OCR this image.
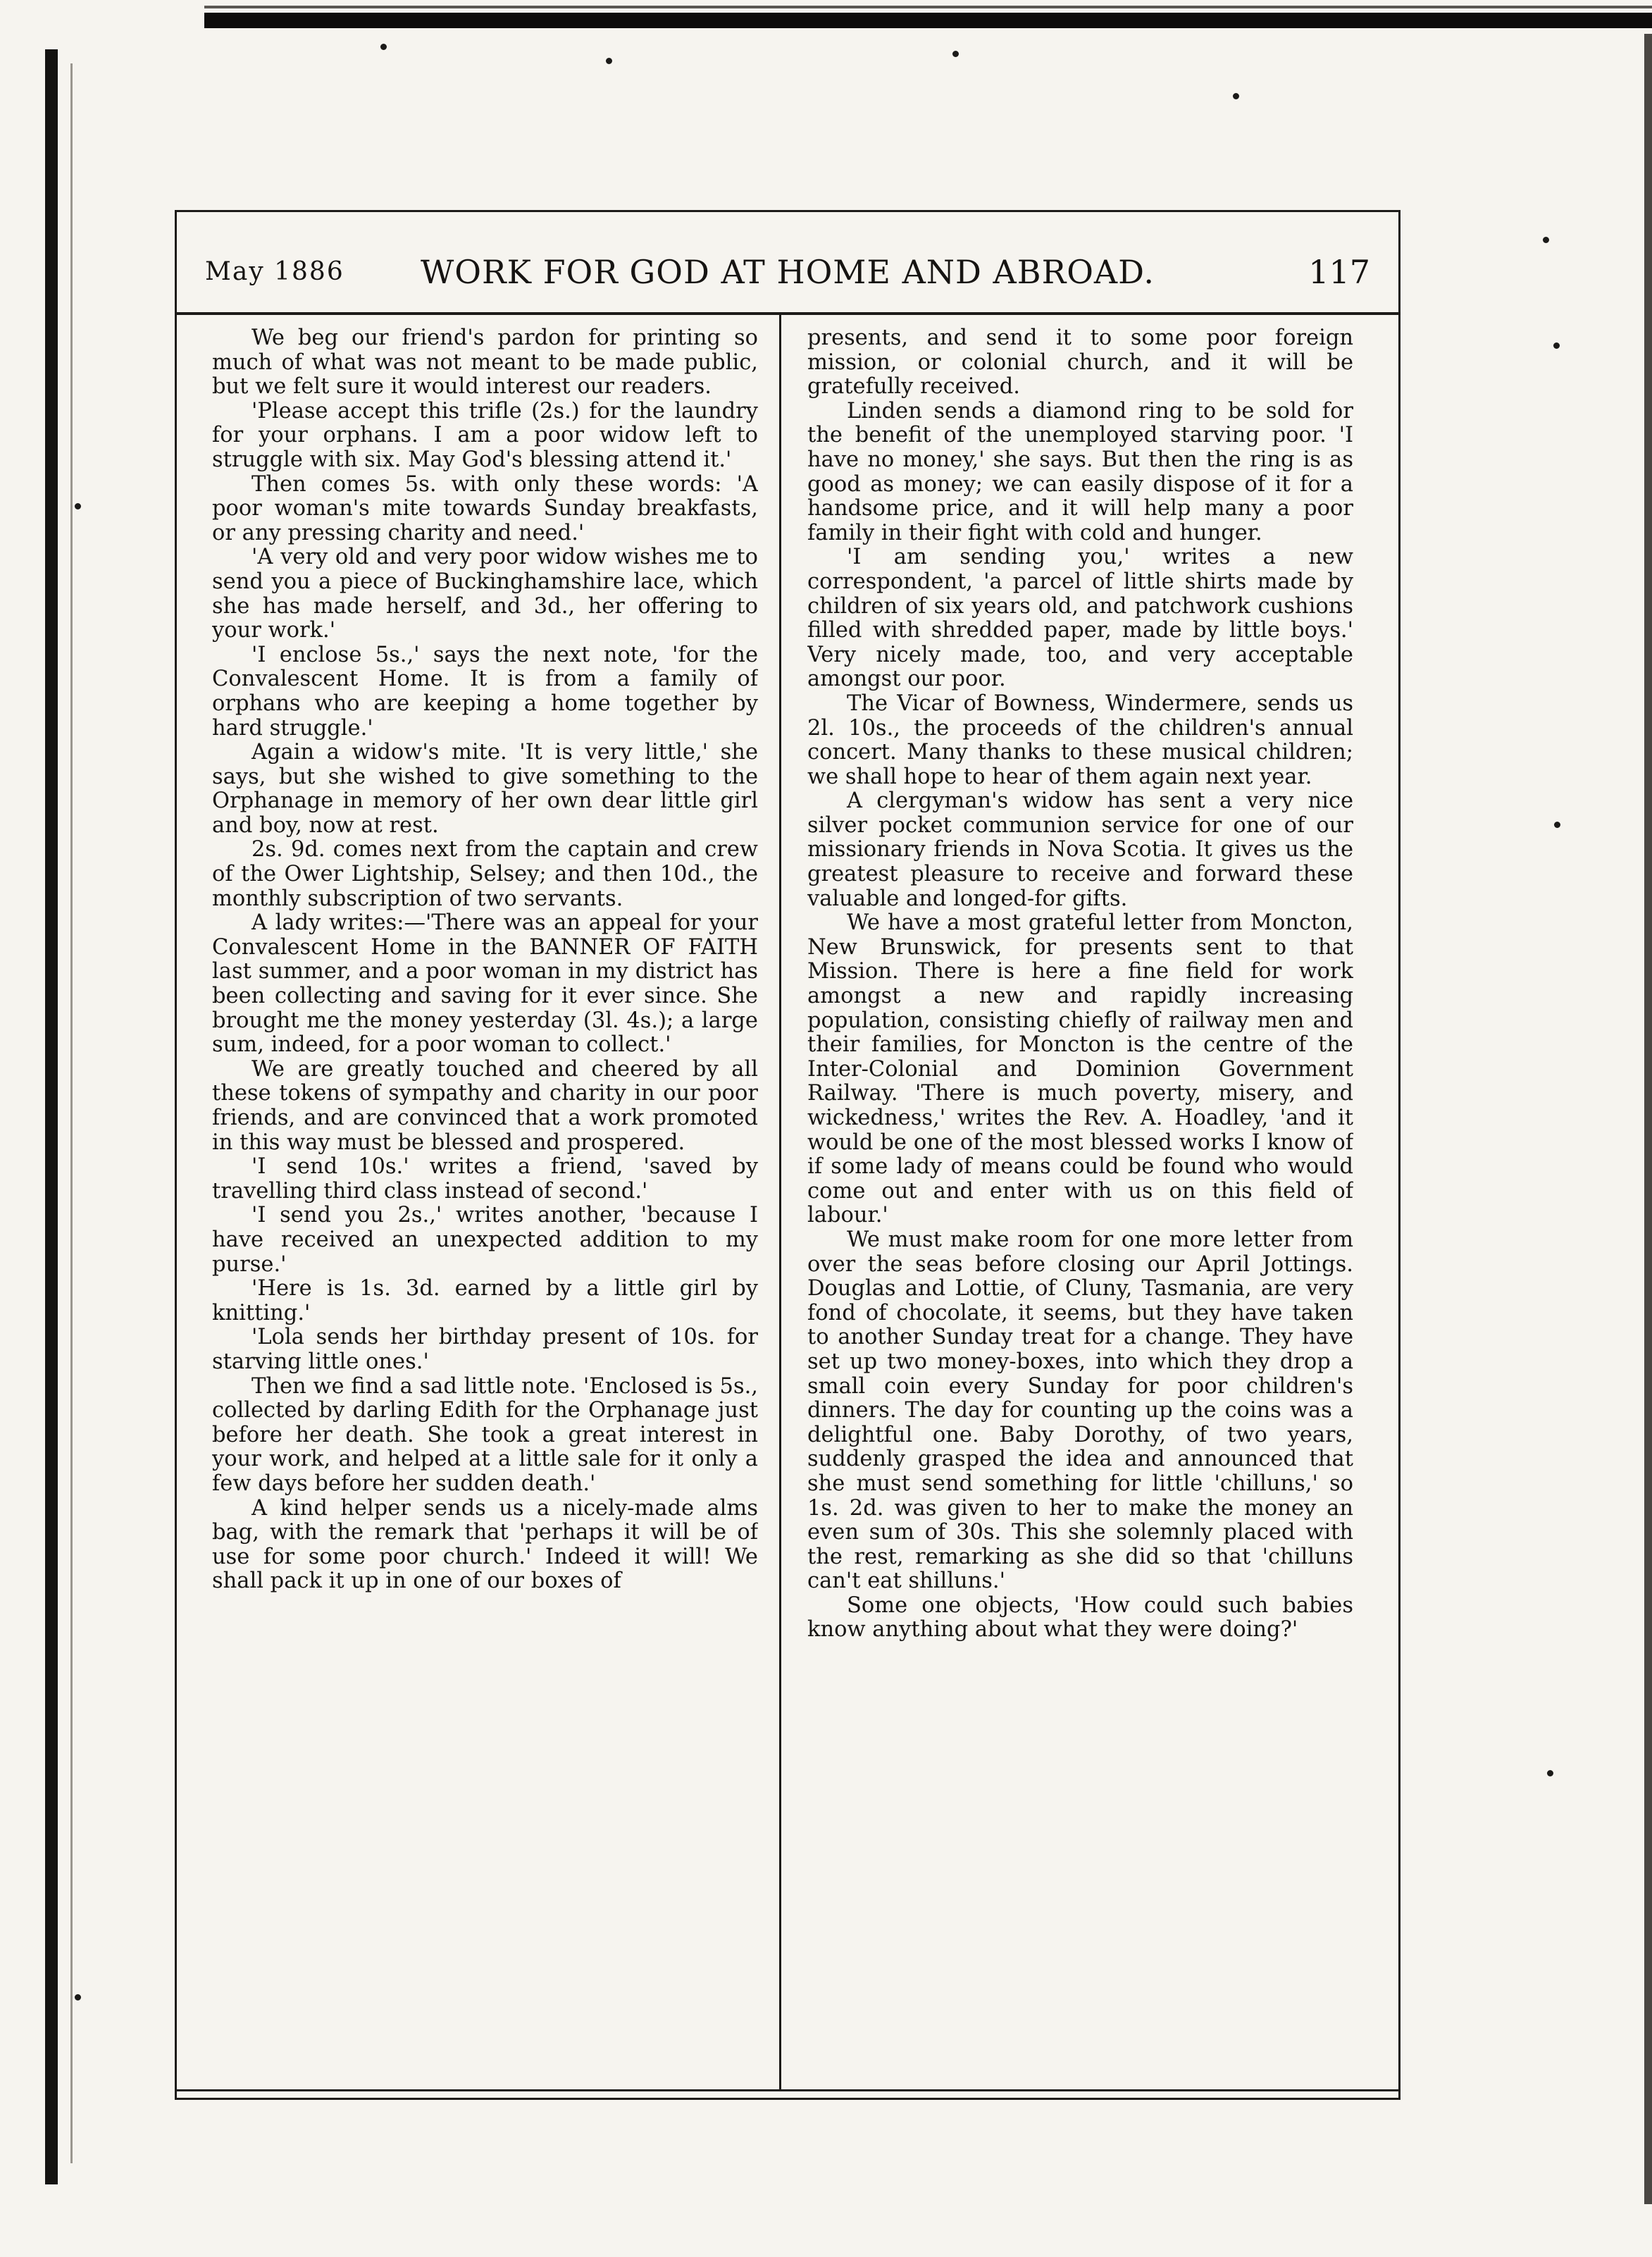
May 1886	WORK FOR GOD AT HOME AND ABROAD.	117

We beg our friend's pardon for printing so much of what was not meant to be made public, but we felt sure it would interest our readers.

'Please accept this trifle (2s.) for the laundry for your orphans. I am a poor widow left to struggle with six. May God's blessing attend it.'

Then comes 5s. with only these words: 'A poor woman's mite towards Sunday breakfasts, or any pressing charity and need.'

'A very old and very poor widow wishes me to send you a piece of Buckinghamshire lace, which she has made herself, and 3d., her offering to your work.'

'I enclose 5s.,' says the next note, 'for the Convalescent Home. It is from a family of orphans who are keeping a home together by hard struggle.'

Again a widow's mite. 'It is very little,' she says, but she wished to give something to the Orphanage in memory of her own dear little girl and boy, now at rest.

2s. 9d. comes next from the captain and crew of the Ower Lightship, Selsey; and then 10d., the monthly subscription of two servants.

A lady writes:—'There was an appeal for your Convalescent Home in the BANNER OF FAITH last summer, and a poor woman in my district has been collecting and saving for it ever since. She brought me the money yesterday (3l. 4s.); a large sum, indeed, for a poor woman to collect.'

We are greatly touched and cheered by all these tokens of sympathy and charity in our poor friends, and are convinced that a work promoted in this way must be blessed and prospered.

'I send 10s.' writes a friend, 'saved by travelling third class instead of second.'

'I send you 2s.,' writes another, 'because I have received an unexpected addition to my purse.'

'Here is 1s. 3d. earned by a little girl by knitting.'

'Lola sends her birthday present of 10s. for starving little ones.'

Then we find a sad little note. 'Enclosed is 5s., collected by darling Edith for the Orphanage just before her death. She took a great interest in your work, and helped at a little sale for it only a few days before her sudden death.'

A kind helper sends us a nicely-made alms bag, with the remark that 'perhaps it will be of use for some poor church.' Indeed it will! We shall pack it up in one of our boxes of

presents, and send it to some poor foreign mission, or colonial church, and it will be gratefully received.

Linden sends a diamond ring to be sold for the benefit of the unemployed starving poor. 'I have no money,' she says. But then the ring is as good as money; we can easily dispose of it for a handsome price, and it will help many a poor family in their fight with cold and hunger.

'I am sending you,' writes a new correspondent, 'a parcel of little shirts made by children of six years old, and patchwork cushions filled with shredded paper, made by little boys.' Very nicely made, too, and very acceptable amongst our poor.

The Vicar of Bowness, Windermere, sends us 2l. 10s., the proceeds of the children's annual concert. Many thanks to these musical children; we shall hope to hear of them again next year.

A clergyman's widow has sent a very nice silver pocket communion service for one of our missionary friends in Nova Scotia. It gives us the greatest pleasure to receive and forward these valuable and longed-for gifts.

We have a most grateful letter from Moncton, New Brunswick, for presents sent to that Mission. There is here a fine field for work amongst a new and rapidly increasing population, consisting chiefly of railway men and their families, for Moncton is the centre of the Inter-Colonial and Dominion Government Railway. 'There is much poverty, misery, and wickedness,' writes the Rev. A. Hoadley, 'and it would be one of the most blessed works I know of if some lady of means could be found who would come out and enter with us on this field of labour.'

We must make room for one more letter from over the seas before closing our April Jottings. Douglas and Lottie, of Cluny, Tasmania, are very fond of chocolate, it seems, but they have taken to another Sunday treat for a change. They have set up two money-boxes, into which they drop a small coin every Sunday for poor children's dinners. The day for counting up the coins was a delightful one. Baby Dorothy, of two years, suddenly grasped the idea and announced that she must send something for little 'chilluns,' so 1s. 2d. was given to her to make the money an even sum of 30s. This she solemnly placed with the rest, remarking as she did so that 'chilluns can't eat shilluns.'

Some one objects, 'How could such babies know anything about what they were doing?'
